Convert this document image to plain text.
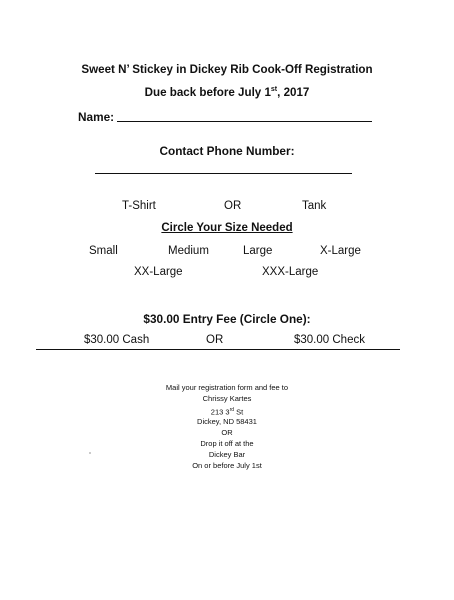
Sweet N’ Stickey in Dickey Rib Cook-Off Registration
Due back before July 1st, 2017
Name:
Contact Phone Number:
T-Shirt	OR	Tank
Circle Your Size Needed
Small	Medium	Large	X-Large
XX-Large	XXX-Large
$30.00 Entry Fee (Circle One):
$30.00 Cash	OR	$30.00 Check
Mail your registration form and fee to
Chrissy Kartes
213 3rd St
Dickey, ND 58431
OR
Drop it off at the
Dickey Bar
On or before July 1st
